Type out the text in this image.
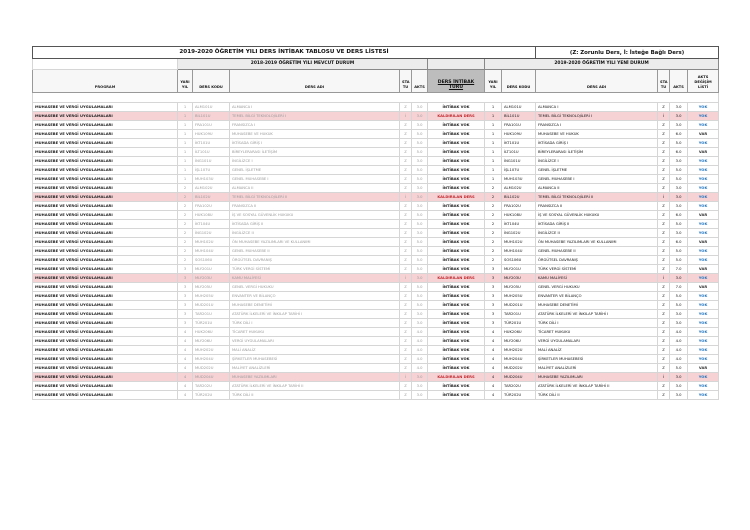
2019-2020 ÖĞRETİM YILI DERS İNTİBAK TABLOSU VE DERS LİSTESİ									(Z: Zorunlu Ders, İ: İsteğe Bağlı Ders)			
	2018-2019 ÖĞRETİM YILI MEVCUT DURUM						2019-2020 ÖĞRETİM YILI YENİ DURUM					
PROGRAM	YARI YIL	DERS KODU	DERS ADI	STA TU	AKTS	DERS İNTİBAK TÜRÜ	YARI YIL	DERS KODU	DERS ADI	STA TU	AKTS	AKTS DEĞİŞİM LİSTİ

MUHASEBE VE VERGİ UYGULAMALARI	1	ALM101U	ALMANCA I	Z	3.0	İNTİBAK VOK	1	ALM101U	ALMANCA I	Z	3.0	YOK
MUHASEBE VE VERGİ UYGULAMALARI	1	BİL101U	TEMEL BİLGİ TEKNOLOJİLERİ I	İ	3.0	KALDIRILAN DERS	1	BİL101U	TEMEL BİLGİ TEKNOLOJİLERİ I	İ	3.0	YOK
MUHASEBE VE VERGİ UYGULAMALARI	1	FRA101U	FRANSIZCA I	Z	3.0	İNTİBAK VOK	1	FRA101U	FRANSIZCA I	Z	3.0	YOK
MUHASEBE VE VERGİ UYGULAMALARI	1	HUK109U	MUHASEBE VE HUKUK	Z	5.0	İNTİBAK VOK	1	HUK109U	MUHASEBE VE HUKUK	Z	6.0	VAR
MUHASEBE VE VERGİ UYGULAMALARI	1	İKT101U	İKTİSADA GİRİŞ I	Z	5.0	İNTİBAK VOK	1	İKT101U	İKTİSADA GİRİŞ I	Z	5.0	YOK
MUHASEBE VE VERGİ UYGULAMALARI	1	İLT101U	BİREYLERARASI İLETİŞİM	Z	5.0	İNTİBAK VOK	1	İLT101U	BİREYLERARASI İLETİŞİM	Z	6.0	VAR
MUHASEBE VE VERGİ UYGULAMALARI	1	İNG101U	İNGİLİZCE I	Z	3.0	İNTİBAK VOK	1	İNG101U	İNGİLİZCE I	Z	3.0	YOK
MUHASEBE VE VERGİ UYGULAMALARI	1	İŞL107U	GENEL İŞLETME	Z	5.0	İNTİBAK VOK	1	İŞL107U	GENEL İŞLETME	Z	5.0	YOK
MUHASEBE VE VERGİ UYGULAMALARI	1	MUH103U	GENEL MUHASEBE I	Z	5.0	İNTİBAK VOK	1	MUH103U	GENEL MUHASEBE I	Z	5.0	YOK
MUHASEBE VE VERGİ UYGULAMALARI	2	ALM102U	ALMANCA II	Z	3.0	İNTİBAK VOK	2	ALM102U	ALMANCA II	Z	3.0	YOK
MUHASEBE VE VERGİ UYGULAMALARI	2	BİL102U	TEMEL BİLGİ TEKNOLOJİLERİ II	İ	3.0	KALDIRILAN DERS	2	BİL102U	TEMEL BİLGİ TEKNOLOJİLERİ II	İ	3.0	YOK
MUHASEBE VE VERGİ UYGULAMALARI	2	FRA102U	FRANSIZCA II	Z	3.0	İNTİBAK VOK	2	FRA102U	FRANSIZCA II	Z	3.0	YOK
MUHASEBE VE VERGİ UYGULAMALARI	2	HUK108U	İŞ VE SOSYAL GÜVENLİK HUKUKU	Z	5.0	İNTİBAK VOK	2	HUK108U	İŞ VE SOSYAL GÜVENLİK HUKUKU	Z	6.0	VAR
MUHASEBE VE VERGİ UYGULAMALARI	2	İKT104U	İKTİSADA GİRİŞ II	Z	5.0	İNTİBAK VOK	2	İKT104U	İKTİSADA GİRİŞ II	Z	5.0	YOK
MUHASEBE VE VERGİ UYGULAMALARI	2	İNG102U	İNGİLİZCE II	Z	3.0	İNTİBAK VOK	2	İNG102U	İNGİLİZCE II	Z	3.0	YOK
MUHASEBE VE VERGİ UYGULAMALARI	2	MUH102U	ÖN MUHASEBE YAZILIMLARI VE KULLANIMI	Z	5.0	İNTİBAK VOK	2	MUH102U	ÖN MUHASEBE YAZILIMLARI VE KULLANIMI	Z	6.0	VAR
MUHASEBE VE VERGİ UYGULAMALARI	2	MUH104U	GENEL MUHASEBE II	Z	5.0	İNTİBAK VOK	2	MUH104U	GENEL MUHASEBE II	Z	5.0	YOK
MUHASEBE VE VERGİ UYGULAMALARI	2	SOS106U	ÖRGÜTSEL DAVRANIŞ	Z	5.0	İNTİBAK VOK	2	SOS106U	ÖRGÜTSEL DAVRANIŞ	Z	5.0	YOK
MUHASEBE VE VERGİ UYGULAMALARI	3	MLY201U	TÜRK VERGİ SİSTEMİ	Z	5.0	İNTİBAK VOK	3	MLY201U	TÜRK VERGİ SİSTEMİ	Z	7.0	VAR
MUHASEBE VE VERGİ UYGULAMALARI	3	MLY203U	KAMU MALİYESİ	İ	3.0	KALDIRILAN DERS	3	MLY203U	KAMU MALİYESİ	İ	3.0	YOK
MUHASEBE VE VERGİ UYGULAMALARI	3	MLY205U	GENEL VERGİ HUKUKU	Z	5.0	İNTİBAK VOK	3	MLY205U	GENEL VERGİ HUKUKU	Z	7.0	VAR
MUHASEBE VE VERGİ UYGULAMALARI	3	MUH205U	ENVANTER VE BİLANÇO	Z	5.0	İNTİBAK VOK	3	MUH205U	ENVANTER VE BİLANÇO	Z	5.0	YOK
MUHASEBE VE VERGİ UYGULAMALARI	3	MUD201U	MUHASEBE DENETİMİ	Z	5.0	İNTİBAK VOK	3	MUD201U	MUHASEBE DENETİMİ	Z	5.0	YOK
MUHASEBE VE VERGİ UYGULAMALARI	3	TAR201U	ATATÜRK İLKELERİ VE İNKILAP TARİHİ I	Z	3.0	İNTİBAK VOK	3	TAR201U	ATATÜRK İLKELERİ VE İNKILAP TARİHİ I	Z	3.0	YOK
MUHASEBE VE VERGİ UYGULAMALARI	3	TÜR201U	TÜRK DİLİ I	Z	3.0	İNTİBAK VOK	3	TÜR201U	TÜRK DİLİ I	Z	3.0	YOK
MUHASEBE VE VERGİ UYGULAMALARI	4	HUK206U	TİCARET HUKUKU	Z	4.0	İNTİBAK VOK	4	HUK206U	TİCARET HUKUKU	Z	4.0	YOK
MUHASEBE VE VERGİ UYGULAMALARI	4	MLY206U	VERGİ UYGULAMALARI	Z	4.0	İNTİBAK VOK	4	MLY206U	VERGİ UYGULAMALARI	Z	4.0	YOK
MUHASEBE VE VERGİ UYGULAMALARI	4	MUH202U	MALİ ANALİZ	Z	4.0	İNTİBAK VOK	4	MUH202U	MALİ ANALİZ	Z	4.0	YOK
MUHASEBE VE VERGİ UYGULAMALARI	4	MUH204U	ŞİRKETLER MUHASEBESİ	Z	4.0	İNTİBAK VOK	4	MUH204U	ŞİRKETLER MUHASEBESİ	Z	4.0	YOK
MUHASEBE VE VERGİ UYGULAMALARI	4	MUD202U	MALİYET ANALİZLERİ	Z	4.0	İNTİBAK VOK	4	MUD202U	MALİYET ANALİZLERİ	Z	5.0	VAR
MUHASEBE VE VERGİ UYGULAMALARI	4	MUD204U	MUHASEBE YAZILIMLARI	İ	3.0	KALDIRILAN DERS	4	MUD204U	MUHASEBE YAZILIMLARI	İ	3.0	YOK
MUHASEBE VE VERGİ UYGULAMALARI	4	TAR202U	ATATÜRK İLKELERİ VE İNKILAP TARİHİ II	Z	3.0	İNTİBAK VOK	4	TAR202U	ATATÜRK İLKELERİ VE İNKILAP TARİHİ II	Z	3.0	YOK
MUHASEBE VE VERGİ UYGULAMALARI	4	TÜR202U	TÜRK DİLİ II	Z	3.0	İNTİBAK VOK	4	TÜR202U	TÜRK DİLİ II	Z	3.0	YOK
